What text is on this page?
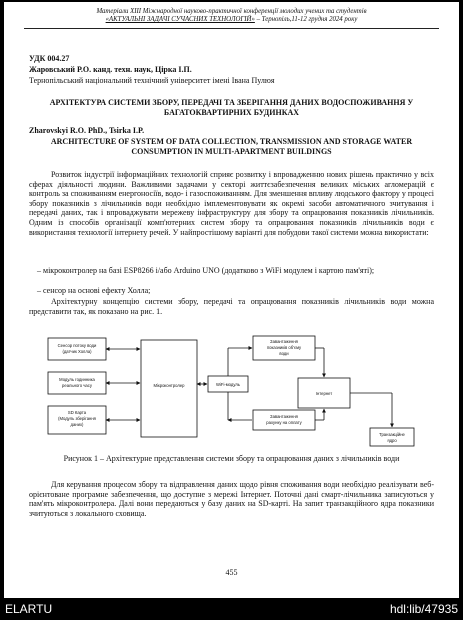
Матеріали XIII Міжнародної науково-практичної конференції молодих учених та студентів
«АКТУАЛЬНІ ЗАДАЧІ СУЧАСНИХ ТЕХНОЛОГІЙ» – Тернопіль,11-12 грудня 2024 року
УДК 004.27
Жаровський Р.О. канд. техн. наук, Цірка І.П.
Тернопільський національний технічний університет імені Івана Пулюя
АРХІТЕКТУРА СИСТЕМИ ЗБОРУ, ПЕРЕДАЧІ ТА ЗБЕРІГАННЯ ДАНИХ ВОДОСПОЖИВАННЯ У БАГАТОКВАРТИРНИХ БУДИНКАХ
Zharovskyi R.O. PhD., Tsirka I.P.
ARCHITECTURE OF SYSTEM OF DATA COLLECTION, TRANSMISSION AND STORAGE WATER CONSUMPTION IN MULTI-APARTMENT BUILDINGS
Розвиток індустрії інформаційних технологій сприяє розвитку і впровадженню нових рішень практично у всіх сферах діяльності людини. Важливими задачами у секторі життєзабезпечення великих міських агломерацій є контроль за споживанням енергоносіїв, водо- і газоспоживанням. Для зменшення впливу людського фактору у процесі збору показників з лічильників води необхідно імплементовувати як окремі засоби автоматичного зчитування і передачі даних, так і впроваджувати мережеву інфраструктуру для збору та опрацювання показників лічильників. Одним із способів організації комп'ютерних систем збору та опрацювання показників лічильників води є використання технології інтернету речей. У найпростішому варіанті для побудови такої системи можна використати:
– мікроконтролер на базі ESP8266 і/або Arduino UNO (додатково з WiFi модулем і картою пам'яті);
– сенсор на основі ефекту Холла;
Архітектурну концепцію системи збору, передачі та опрацювання показників лічильників води можна представити так, як показано на рис. 1.
Сенсор потоку води
(датчик Холла)
Модуль годинника
реального часу
SD Карта
(Модуль зберігання
даних)
Мікроконтролер	WiFi-модуль
Завантаження
показників об'єму
води
Завантаження
рахунку на оплату
Інтернет
Транзакційне
ядро
Рисунок 1 – Архітектурне представлення системи збору та опрацювання даних з лічильників води
Для керування процесом збору та відправлення даних щодо рівня споживання води необхідно реалізувати веб-орієнтоване програмне забезпечення, що доступне з мережі Інтернет. Поточні дані смарт-лічильника записуються у пам'ять мікроконтролера. Далі вони передаються у базу даних на SD-карті. На запит транзакційного ядра показники зчитуються з локального сховища.
455
ELARTU	hdl:lib/47935
